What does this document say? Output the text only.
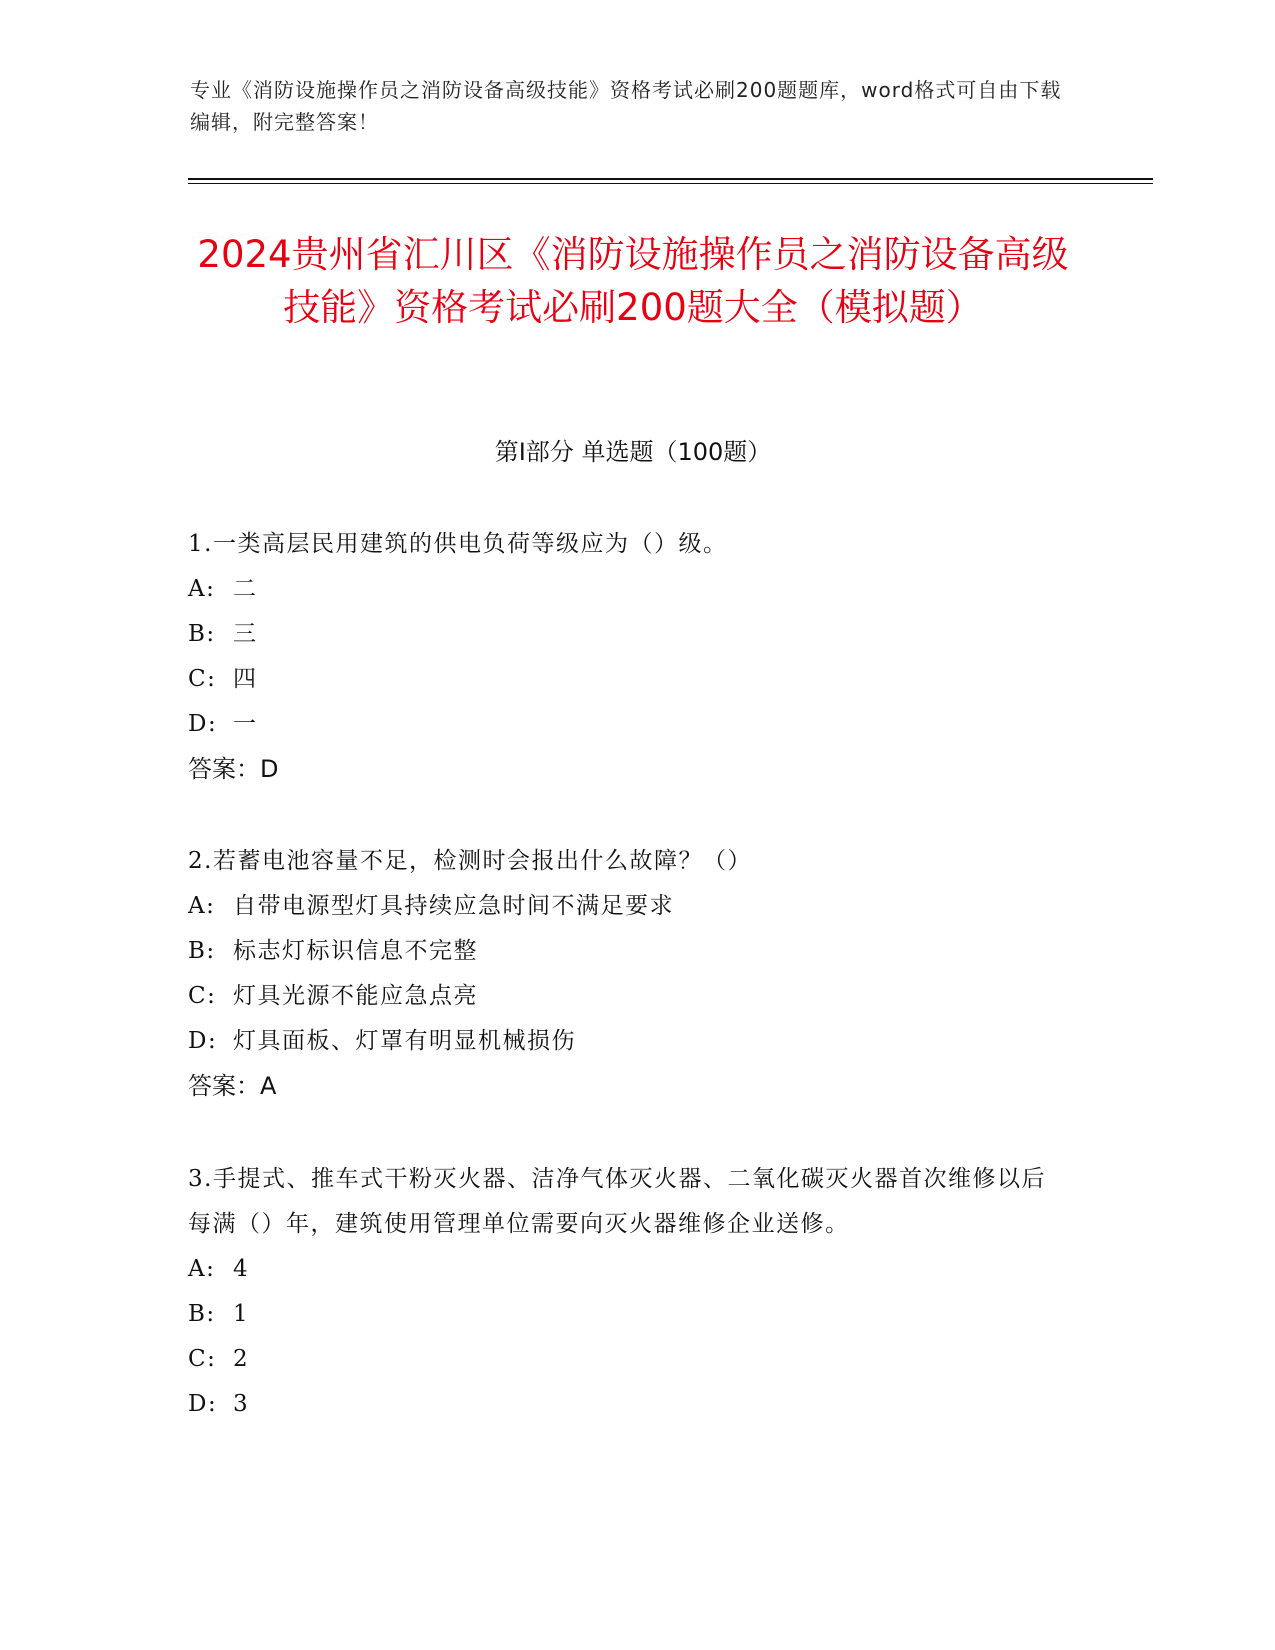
专业《消防设施操作员之消防设备高级技能》资格考试必刷200题题库，word格式可自由下载编辑，附完整答案！
2024贵州省汇川区《消防设施操作员之消防设备高级技能》资格考试必刷200题大全（模拟题）
第I部分 单选题（100题）
1.一类高层民用建筑的供电负荷等级应为（）级。
A: 二
B: 三
C: 四
D: 一
答案：D
2.若蓄电池容量不足，检测时会报出什么故障？（）
A: 自带电源型灯具持续应急时间不满足要求
B: 标志灯标识信息不完整
C: 灯具光源不能应急点亮
D: 灯具面板、灯罩有明显机械损伤
答案：A
3.手提式、推车式干粉灭火器、洁净气体灭火器、二氧化碳灭火器首次维修以后每满（）年，建筑使用管理单位需要向灭火器维修企业送修。
A: 4
B: 1
C: 2
D: 3
